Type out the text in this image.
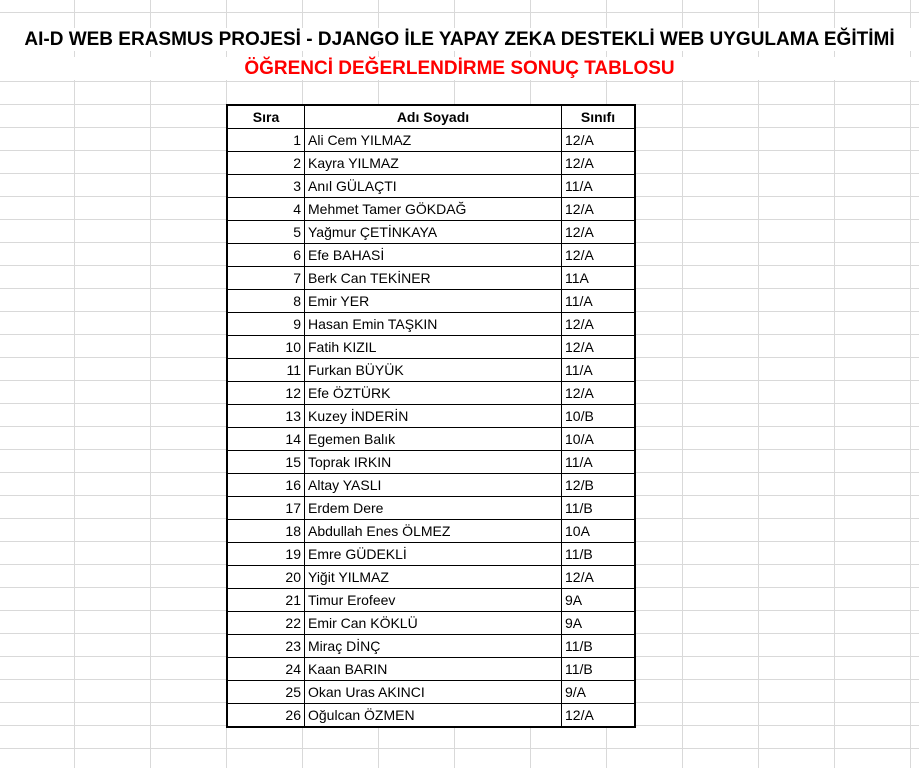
AI-D WEB ERASMUS PROJESİ - DJANGO İLE YAPAY ZEKA DESTEKLİ WEB UYGULAMA EĞİTİMİ
ÖĞRENCİ DEĞERLENDİRME SONUÇ TABLOSU
Sıra	Adı Soyadı	Sınıfı
1	Ali Cem YILMAZ	12/A
2	Kayra YILMAZ	12/A
3	Anıl GÜLAÇTI	11/A
4	Mehmet Tamer GÖKDAĞ	12/A
5	Yağmur ÇETİNKAYA	12/A
6	Efe BAHASİ	12/A
7	Berk Can TEKİNER	11A
8	Emir YER	11/A
9	Hasan Emin TAŞKIN	12/A
10	Fatih KIZIL	12/A
11	Furkan BÜYÜK	11/A
12	Efe ÖZTÜRK	12/A
13	Kuzey İNDERİN	10/B
14	Egemen Balık	10/A
15	Toprak IRKIN	11/A
16	Altay YASLI	12/B
17	Erdem Dere	11/B
18	Abdullah Enes ÖLMEZ	10A
19	Emre GÜDEKLİ	11/B
20	Yiğit YILMAZ	12/A
21	Timur Erofeev	9A
22	Emir Can KÖKLÜ	9A
23	Miraç DİNÇ	11/B
24	Kaan BARIN	11/B
25	Okan Uras AKINCI	9/A
26	Oğulcan ÖZMEN	12/A
